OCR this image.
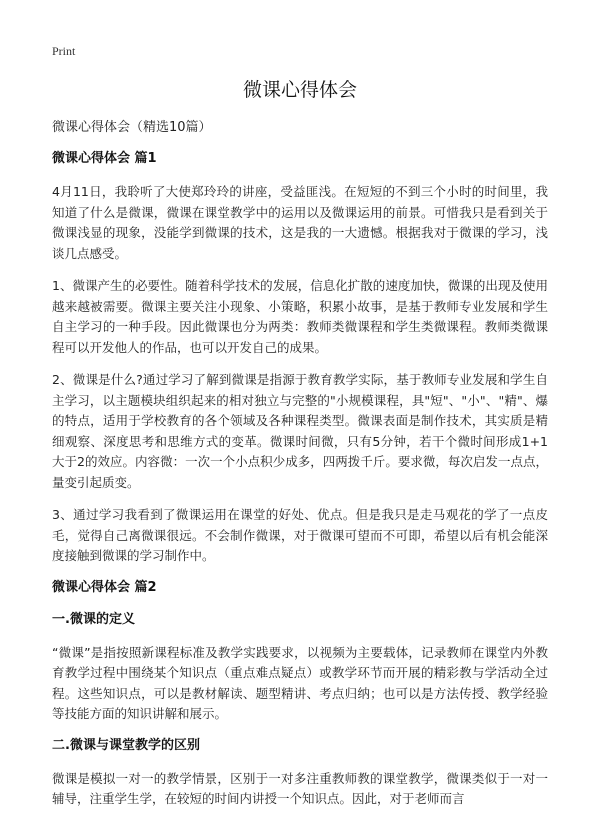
Print
微课心得体会

微课心得体会（精选10篇）

微课心得体会 篇1

4月11日，我聆听了大使郑玲玲的讲座，受益匪浅。在短短的不到三个小时的时间里，我知道了什么是微课，微课在课堂教学中的运用以及微课运用的前景。可惜我只是看到关于微课浅显的现象，没能学到微课的技术，这是我的一大遗憾。根据我对于微课的学习，浅谈几点感受。

1、微课产生的必要性。随着科学技术的发展，信息化扩散的速度加快，微课的出现及使用越来越被需要。微课主要关注小现象、小策略，积累小故事，是基于教师专业发展和学生自主学习的一种手段。因此微课也分为两类：教师类微课程和学生类微课程。教师类微课程可以开发他人的作品，也可以开发自己的成果。

2、微课是什么?通过学习了解到微课是指源于教育教学实际，基于教师专业发展和学生自主学习，以主题模块组织起来的相对独立与完整的"小规模课程，具"短"、"小"、"精"、爆的特点，适用于学校教育的各个领域及各种课程类型。微课表面是制作技术，其实质是精细观察、深度思考和思维方式的变革。微课时间微，只有5分钟，若干个微时间形成1+1大于2的效应。内容微：一次一个小点积少成多，四两拨千斤。要求微，每次启发一点点，量变引起质变。

3、通过学习我看到了微课运用在课堂的好处、优点。但是我只是走马观花的学了一点皮毛，觉得自己离微课很远。不会制作微课，对于微课可望而不可即，希望以后有机会能深度接触到微课的学习制作中。

微课心得体会 篇2
一.微课的定义

“微课”是指按照新课程标准及教学实践要求，以视频为主要载体，记录教师在课堂内外教育教学过程中围绕某个知识点（重点难点疑点）或教学环节而开展的精彩教与学活动全过程。这些知识点，可以是教材解读、题型精讲、考点归纳；也可以是方法传授、教学经验等技能方面的知识讲解和展示。

二.微课与课堂教学的区别

微课是模拟一对一的教学情景，区别于一对多注重教师教的课堂教学，微课类似于一对一辅导，注重学生学，在较短的时间内讲授一个知识点。因此，对于老师而言
